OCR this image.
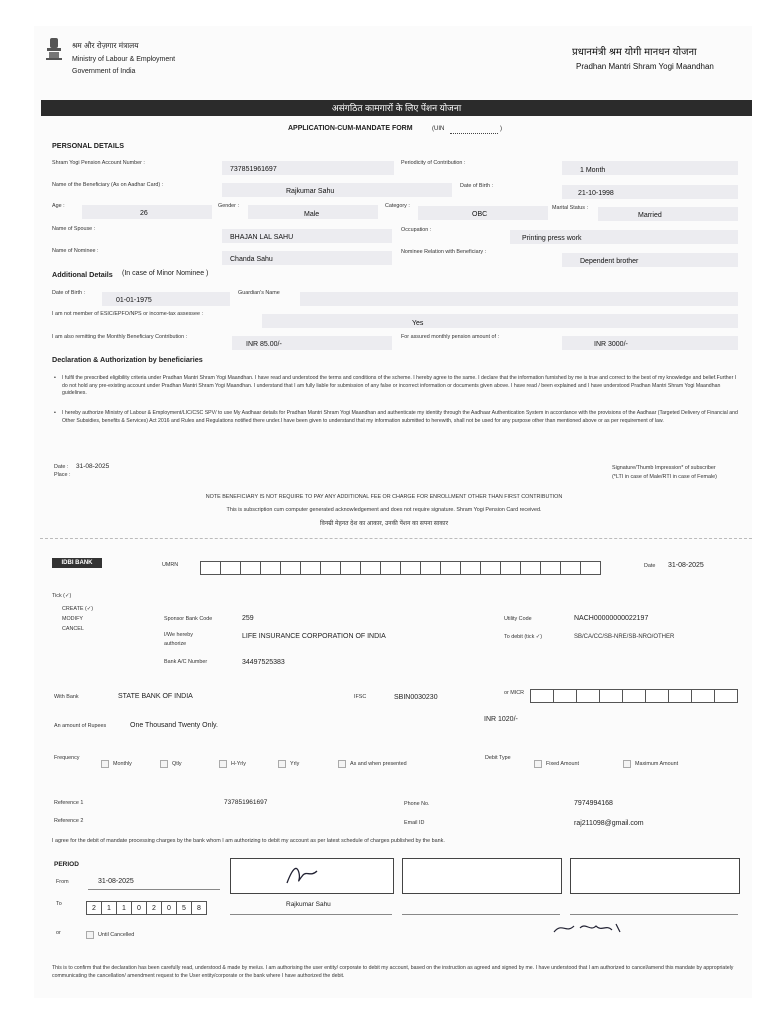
श्रम और रोज़गार मंत्रालय
Ministry of Labour & Employment
Government of India
प्रधानमंत्री श्रम योगी मानधन योजना
Pradhan Mantri Shram Yogi Maandhan
असंगठित कामगारों के लिए पेंशन योजना
APPLICATION-CUM-MANDATE FORM	(UIN	)
PERSONAL DETAILS
Shram Yogi Pension Account Number :
737851961697
Periodicity of Contribution :
1 Month
Name of the Beneficiary (As on Aadhar Card) :
Rajkumar Sahu
Date of Birth :
21-10-1998
Age :
26
Gender :
Male
Category :
OBC
Marital Status :
Married
Name of Spouse :
BHAJAN LAL SAHU
Occupation :
Printing press work
Name of Nominee :
Chanda Sahu
Nominee Relation with Beneficiary :
Dependent brother
Additional Details (In case of Minor Nominee )
Date of Birth :
01-01-1975
Guardian's Name
I am not member of ESIC/EPFO/NPS or income-tax assessee :
Yes
I am also remitting the Monthly Beneficiary Contribution :
INR 85.00/-
For assured monthly pension amount of :
INR 3000/-
Declaration & Authorization by beneficiaries
• I fulfil the prescribed eligibility criteria under Pradhan Mantri Shram Yogi Maandhan. I have read and understood the terms and conditions of the scheme. I hereby agree to the same. I declare that the information furnished by me is true and correct to the best of my knowledge and belief.Further I do not hold any pre-existing account under Pradhan Mantri Shram Yogi Maandhan. I understand that I am fully liable for submission of any false or incorrect information or documents given above. I have read / been explained and I have understood Pradhan Mantri Shram Yogi Maandhan guidelines.
• I hereby authorize Ministry of Labour & Employment/LIC/CSC SPV/ to use My Aadhaar details for Pradhan Mantri Shram Yogi Maandhan and authenticate my identity through the Aadhaar Authentication System in accordance with the provisions of the Aadhaar (Targeted Delivery of Financial and Other Subsidies, benefits & Services) Act 2016 and Rules and Regulations notified there under.I have been given to understand that my information submitted to herewith, shall not be used for any purpose other than mentioned above or as per requirement of law.
Date : 31-08-2025
Place :
Signature/Thumb Impression* of subscriber
(*LTI in case of Male/RTI in case of Female)
NOTE BENEFICIARY IS NOT REQUIRE TO PAY ANY ADDITIONAL FEE OR CHARGE FOR ENROLLMENT OTHER THAN FIRST CONTRIBUTION
This is subscription cum computer generated acknowledgement and does not require signature. Shram Yogi Pension Card received.
विनम्री मेहनत देश का आकार, उनकी पेंशन का सपना साकार
IDBI BANK	UMRN	Date 31-08-2025
Tick (✓)
CREATE (✓)
MODIFY
CANCEL
Sponsor Bank Code	259	Utility Code	NACH00000000022197
I/We hereby
authorize
LIFE INSURANCE CORPORATION OF INDIA	To debit (tick ✓)	SB/CA/CC/SB-NRE/SB-NRO/OTHER
Bank A/C Number	34497525383
With Bank	STATE BANK OF INDIA	IFSC	SBIN0030230
or MICR
An amount of Rupees	One Thousand Twenty Only.
INR 1020/-
Frequency
Monthly	Qtly	H-Yrly	Yrly	As and when presented
Debit Type
Fixed Amount	Maximum Amount
Reference 1	737851961697	Phone No.	7974994168
Reference 2	Email ID	raj211098@gmail.com
I agree for the debit of mandate processing charges by the bank whom I am authorizing to debit my account as per latest schedule of charges published by the bank.
PERIOD
From	31-08-2025
To
2	1	1	0	2	0	5	8
Rajkumar Sahu
or	Until Cancelled
This is to confirm that the declaration has been carefully read, understood & made by me/us. I am authorising the user entity/ corporate to debit my account, based on the instruction as agreed and signed by me. I have understood that I am authorized to cancel/amend this mandate by appropriately communicating the cancellation/ amendment request to the User entity/corporate or the bank where I have authorized the debit.
